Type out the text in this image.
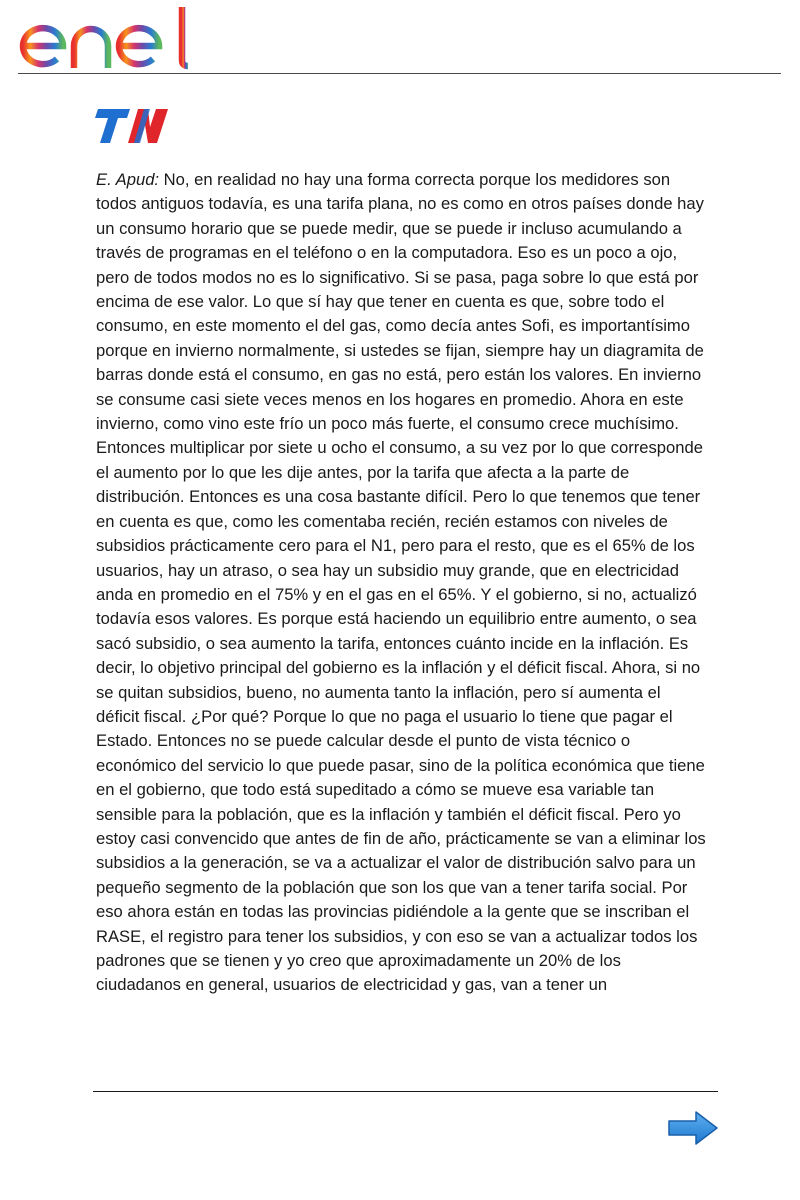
E. Apud: No, en realidad no hay una forma correcta porque los medidores son todos antiguos todavía, es una tarifa plana, no es como en otros países donde hay un consumo horario que se puede medir, que se puede ir incluso acumulando a través de programas en el teléfono o en la computadora. Eso es un poco a ojo, pero de todos modos no es lo significativo. Si se pasa, paga sobre lo que está por encima de ese valor. Lo que sí hay que tener en cuenta es que, sobre todo el consumo, en este momento el del gas, como decía antes Sofi, es importantísimo porque en invierno normalmente, si ustedes se fijan, siempre hay un diagramita de barras donde está el consumo, en gas no está, pero están los valores. En invierno se consume casi siete veces menos en los hogares en promedio. Ahora en este invierno, como vino este frío un poco más fuerte, el consumo crece muchísimo. Entonces multiplicar por siete u ocho el consumo, a su vez por lo que corresponde el aumento por lo que les dije antes, por la tarifa que afecta a la parte de distribución. Entonces es una cosa bastante difícil. Pero lo que tenemos que tener en cuenta es que, como les comentaba recién, recién estamos con niveles de subsidios prácticamente cero para el N1, pero para el resto, que es el 65% de los usuarios, hay un atraso, o sea hay un subsidio muy grande, que en electricidad anda en promedio en el 75% y en el gas en el 65%. Y el gobierno, si no, actualizó todavía esos valores. Es porque está haciendo un equilibrio entre aumento, o sea sacó subsidio, o sea aumento la tarifa, entonces cuánto incide en la inflación. Es decir, lo objetivo principal del gobierno es la inflación y el déficit fiscal. Ahora, si no se quitan subsidios, bueno, no aumenta tanto la inflación, pero sí aumenta el déficit fiscal. ¿Por qué? Porque lo que no paga el usuario lo tiene que pagar el Estado. Entonces no se puede calcular desde el punto de vista técnico o económico del servicio lo que puede pasar, sino de la política económica que tiene en el gobierno, que todo está supeditado a cómo se mueve esa variable tan sensible para la población, que es la inflación y también el déficit fiscal. Pero yo estoy casi convencido que antes de fin de año, prácticamente se van a eliminar los subsidios a la generación, se va a actualizar el valor de distribución salvo para un pequeño segmento de la población que son los que van a tener tarifa social. Por eso ahora están en todas las provincias pidiéndole a la gente que se inscriban el RASE, el registro para tener los subsidios, y con eso se van a actualizar todos los padrones que se tienen y yo creo que aproximadamente un 20% de los ciudadanos en general, usuarios de electricidad y gas, van a tener un
